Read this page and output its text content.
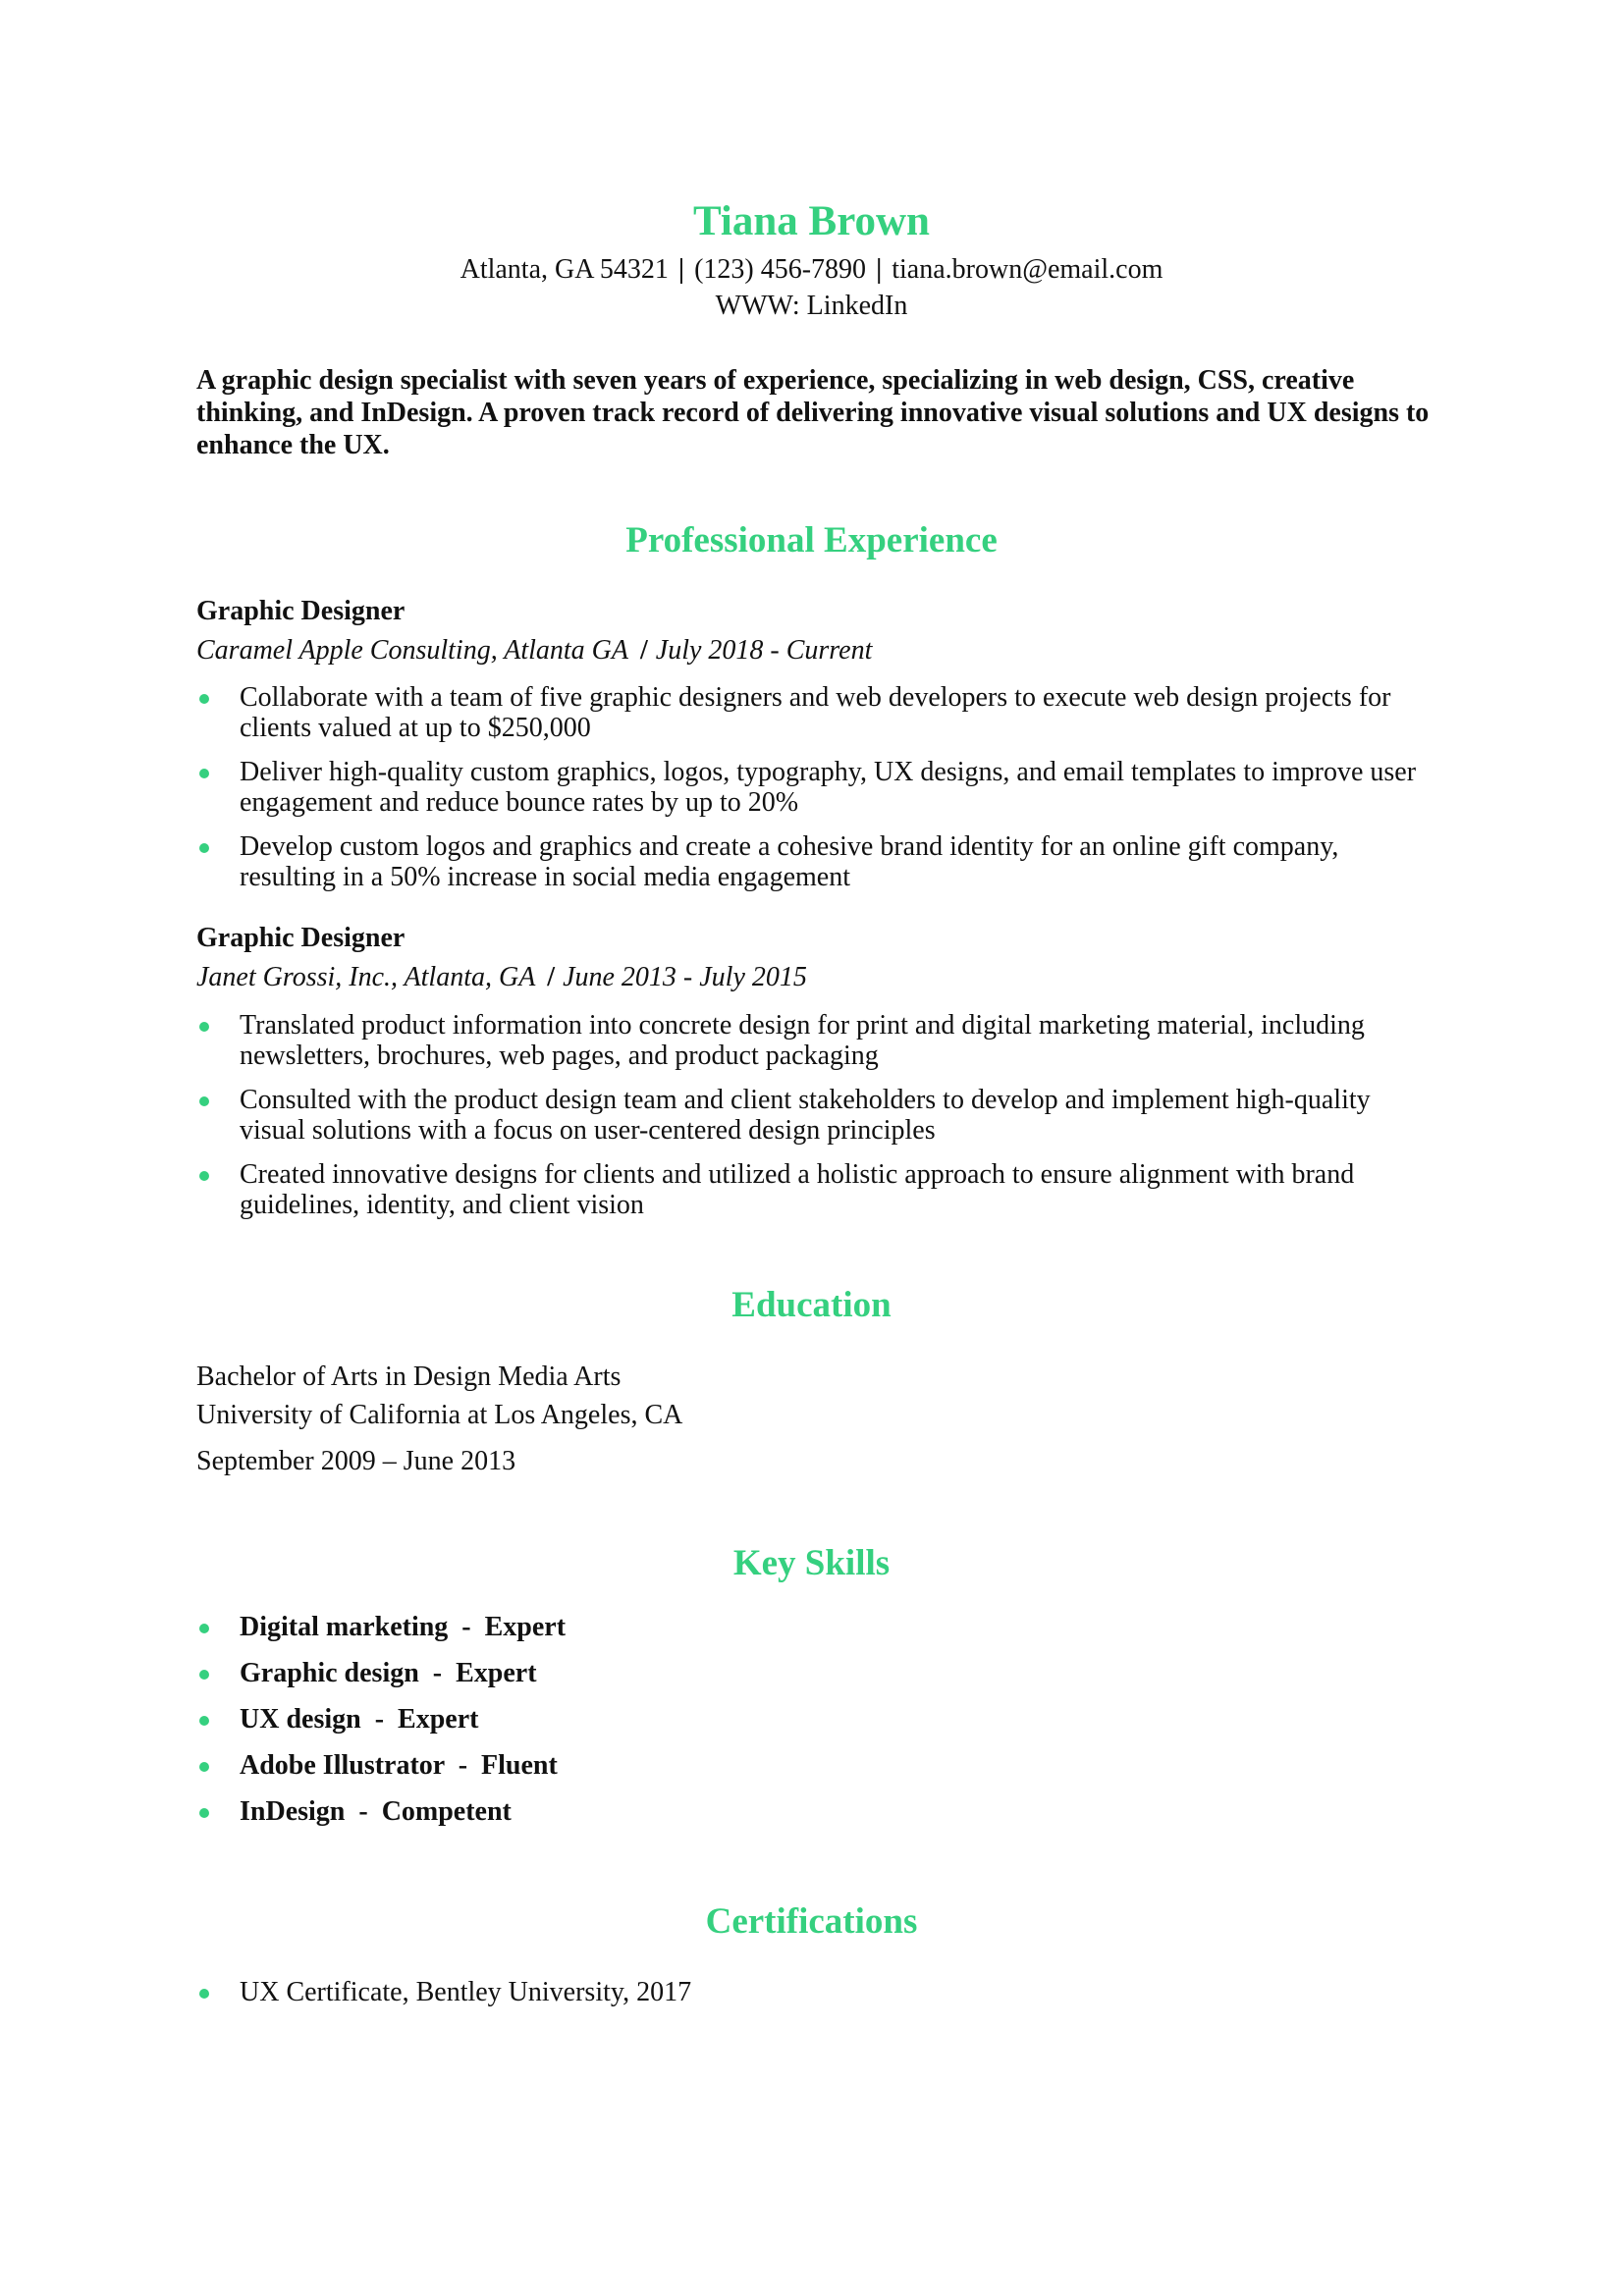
Tiana Brown
Atlanta, GA 54321 | (123) 456-7890 | tiana.brown@email.com
WWW: LinkedIn

A graphic design specialist with seven years of experience, specializing in web design, CSS, creative thinking, and InDesign. A proven track record of delivering innovative visual solutions and UX designs to enhance the UX.

Professional Experience
Graphic Designer
Caramel Apple Consulting, Atlanta GA / July 2018 - Current
Collaborate with a team of five graphic designers and web developers to execute web design projects for clients valued at up to $250,000
Deliver high-quality custom graphics, logos, typography, UX designs, and email templates to improve user engagement and reduce bounce rates by up to 20%
Develop custom logos and graphics and create a cohesive brand identity for an online gift company, resulting in a 50% increase in social media engagement
Graphic Designer
Janet Grossi, Inc., Atlanta, GA / June 2013 - July 2015
Translated product information into concrete design for print and digital marketing material, including newsletters, brochures, web pages, and product packaging
Consulted with the product design team and client stakeholders to develop and implement high-quality visual solutions with a focus on user-centered design principles
Created innovative designs for clients and utilized a holistic approach to ensure alignment with brand guidelines, identity, and client vision
Education
Bachelor of Arts in Design Media Arts
University of California at Los Angeles, CA
September 2009 – June 2013
Key Skills
Digital marketing  -  Expert
Graphic design  -  Expert
UX design  -  Expert
Adobe Illustrator  -  Fluent
InDesign  -  Competent
Certifications
UX Certificate, Bentley University, 2017
